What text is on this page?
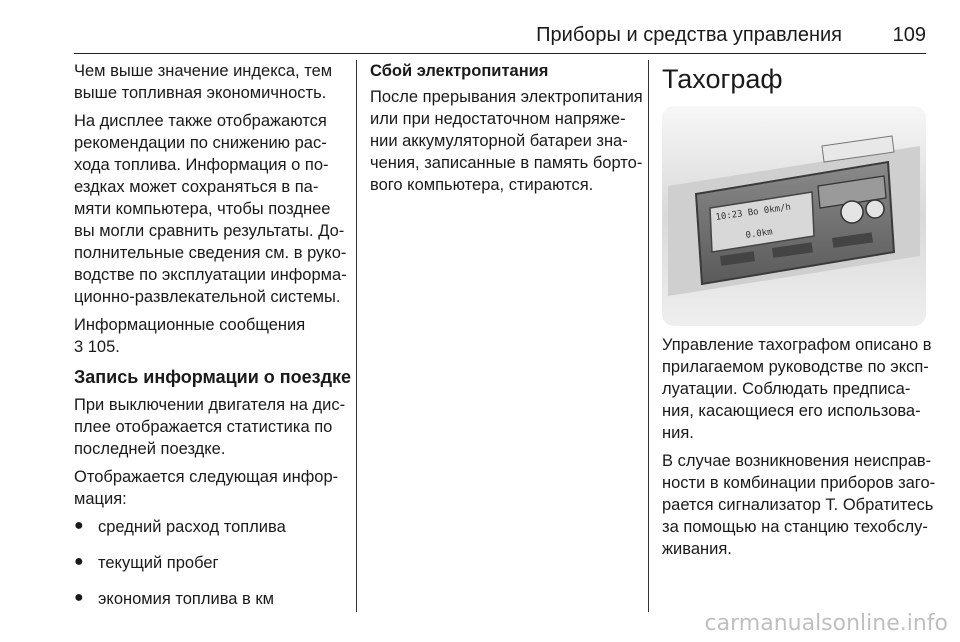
Приборы и средства управления	109
Чем выше значение индекса, тем
выше топливная экономичность.
На дисплее также отображаются
рекомендации по снижению рас-
хода топлива. Информация о по-
ездках может сохраняться в па-
мяти компьютера, чтобы позднее
вы могли сравнить результаты. До-
полнительные сведения см. в руко-
водстве по эксплуатации информа-
ционно-развлекательной системы.
Информационные сообщения
3 105.
Запись информации о поездке
При выключении двигателя на дис-
плее отображается статистика по
последней поездке.
Отображается следующая инфор-
мация:
● средний расход топлива
● текущий пробег
● экономия топлива в км
Сбой электропитания
После прерывания электропитания
или при недостаточном напряже-
нии аккумуляторной батареи зна-
чения, записанные в память борто-
вого компьютера, стираются.
Тахограф
10:23 Bo 0km/h
0.0km
Управление тахографом описано в
прилагаемом руководстве по эксп-
луатации. Соблюдать предписа-
ния, касающиеся его использова-
ния.
В случае возникновения неисправ-
ности в комбинации приборов заго-
рается сигнализатор T. Обратитесь
за помощью на станцию техобслу-
живания.
carmanualsonline.info
